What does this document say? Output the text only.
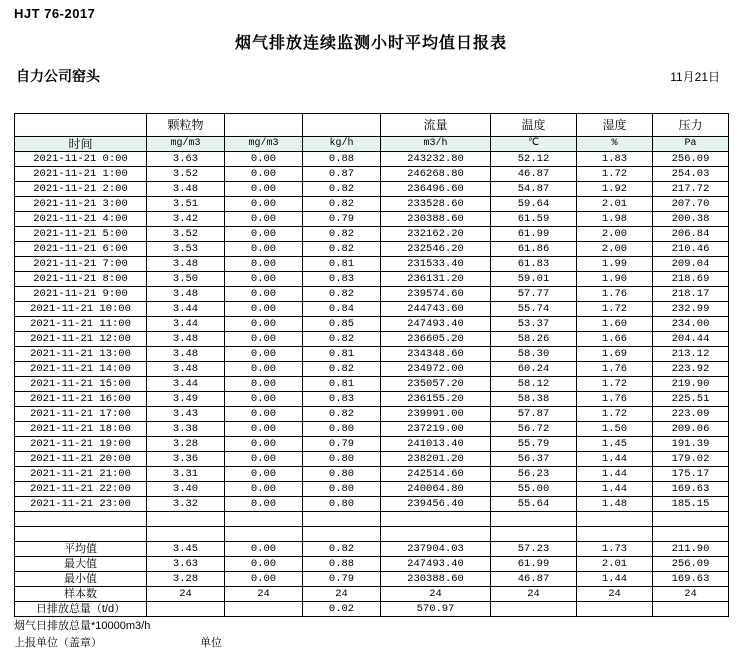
HJT 76-2017
烟气排放连续监测小时平均值日报表
自力公司窑头	11月21日
	颗粒物			流量	温度	湿度	压力
时间	mg/m3	mg/m3	kg/h	m3/h	℃	%	Pa
2021-11-21 0:00	3.63	0.00	0.88	243232.80	52.12	1.83	256.09
2021-11-21 1:00	3.52	0.00	0.87	246268.80	46.87	1.72	254.03
2021-11-21 2:00	3.48	0.00	0.82	236496.60	54.87	1.92	217.72
2021-11-21 3:00	3.51	0.00	0.82	233528.60	59.64	2.01	207.70
2021-11-21 4:00	3.42	0.00	0.79	230388.60	61.59	1.98	200.38
2021-11-21 5:00	3.52	0.00	0.82	232162.20	61.99	2.00	206.84
2021-11-21 6:00	3.53	0.00	0.82	232546.20	61.86	2.00	210.46
2021-11-21 7:00	3.48	0.00	0.81	231533.40	61.83	1.99	209.04
2021-11-21 8:00	3.50	0.00	0.83	236131.20	59.01	1.90	218.69
2021-11-21 9:00	3.48	0.00	0.82	239574.60	57.77	1.76	218.17
2021-11-21 10:00	3.44	0.00	0.84	244743.60	55.74	1.72	232.99
2021-11-21 11:00	3.44	0.00	0.85	247493.40	53.37	1.60	234.00
2021-11-21 12:00	3.48	0.00	0.82	236605.20	58.26	1.66	204.44
2021-11-21 13:00	3.48	0.00	0.81	234348.60	58.30	1.69	213.12
2021-11-21 14:00	3.48	0.00	0.82	234972.00	60.24	1.76	223.92
2021-11-21 15:00	3.44	0.00	0.81	235057.20	58.12	1.72	219.90
2021-11-21 16:00	3.49	0.00	0.83	236155.20	58.38	1.76	225.51
2021-11-21 17:00	3.43	0.00	0.82	239991.00	57.87	1.72	223.09
2021-11-21 18:00	3.38	0.00	0.80	237219.00	56.72	1.50	209.06
2021-11-21 19:00	3.28	0.00	0.79	241013.40	55.79	1.45	191.39
2021-11-21 20:00	3.36	0.00	0.80	238201.20	56.37	1.44	179.02
2021-11-21 21:00	3.31	0.00	0.80	242514.60	56.23	1.44	175.17
2021-11-21 22:00	3.40	0.00	0.80	240064.80	55.00	1.44	169.63
2021-11-21 23:00	3.32	0.00	0.80	239456.40	55.64	1.48	185.15

平均值	3.45	0.00	0.82	237904.03	57.23	1.73	211.90
最大值	3.63	0.00	0.88	247493.40	61.99	2.01	256.09
最小值	3.28	0.00	0.79	230388.60	46.87	1.44	169.63
样本数	24	24	24	24	24	24	24
日排放总量（t/d）			0.02	570.97			
烟气日排放总量*10000m3/h
上报单位（盖章）	单位
